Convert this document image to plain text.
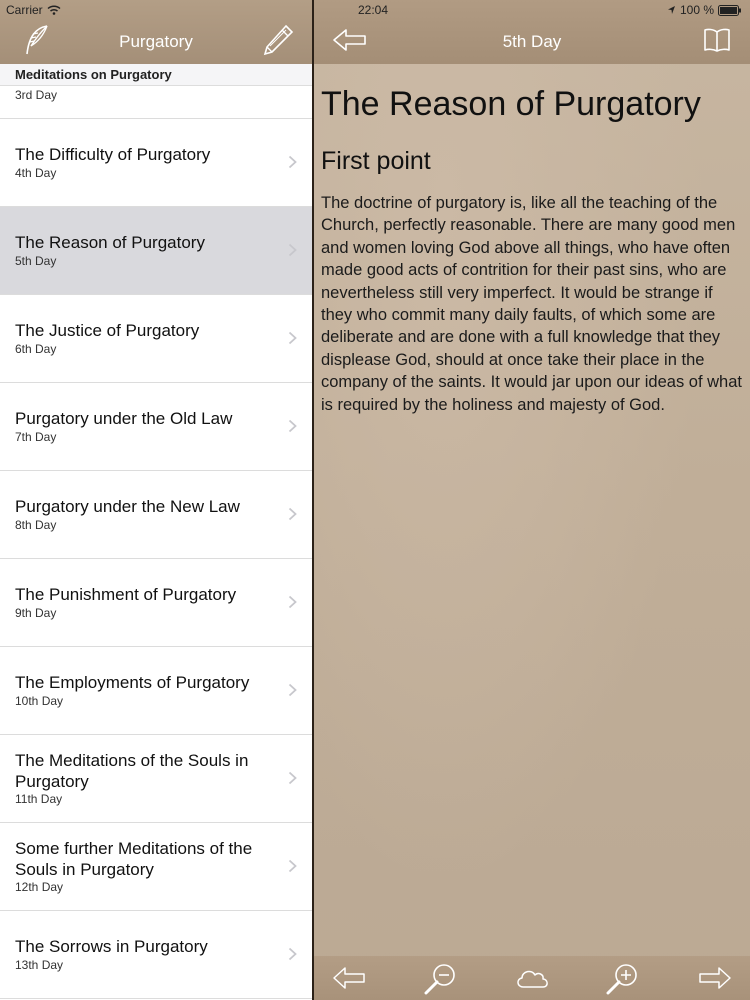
Carrier
Purgatory
Meditations on Purgatory
3rd Day
The Difficulty of Purgatory
4th Day
The Reason of Purgatory
5th Day
The Justice of Purgatory
6th Day
Purgatory under the Old Law
7th Day
Purgatory under the New Law
8th Day
The Punishment of Purgatory
9th Day
The Employments of Purgatory
10th Day
The Meditations of the Souls in Purgatory
11th Day
Some further Meditations of the Souls in Purgatory
12th Day
The Sorrows in Purgatory
13th Day
22:04	100 %
5th Day
The Reason of Purgatory
First point
The doctrine of purgatory is, like all the teaching of the Church, perfectly reasonable. There are many good men and women loving God above all things, who have often made good acts of contrition for their past sins, who are nevertheless still very imperfect. It would be strange if they who commit many daily faults, of which some are deliberate and are done with a full knowledge that they displease God, should at once take their place in the company of the saints. It would jar upon our ideas of what is required by the holiness and majesty of God.
